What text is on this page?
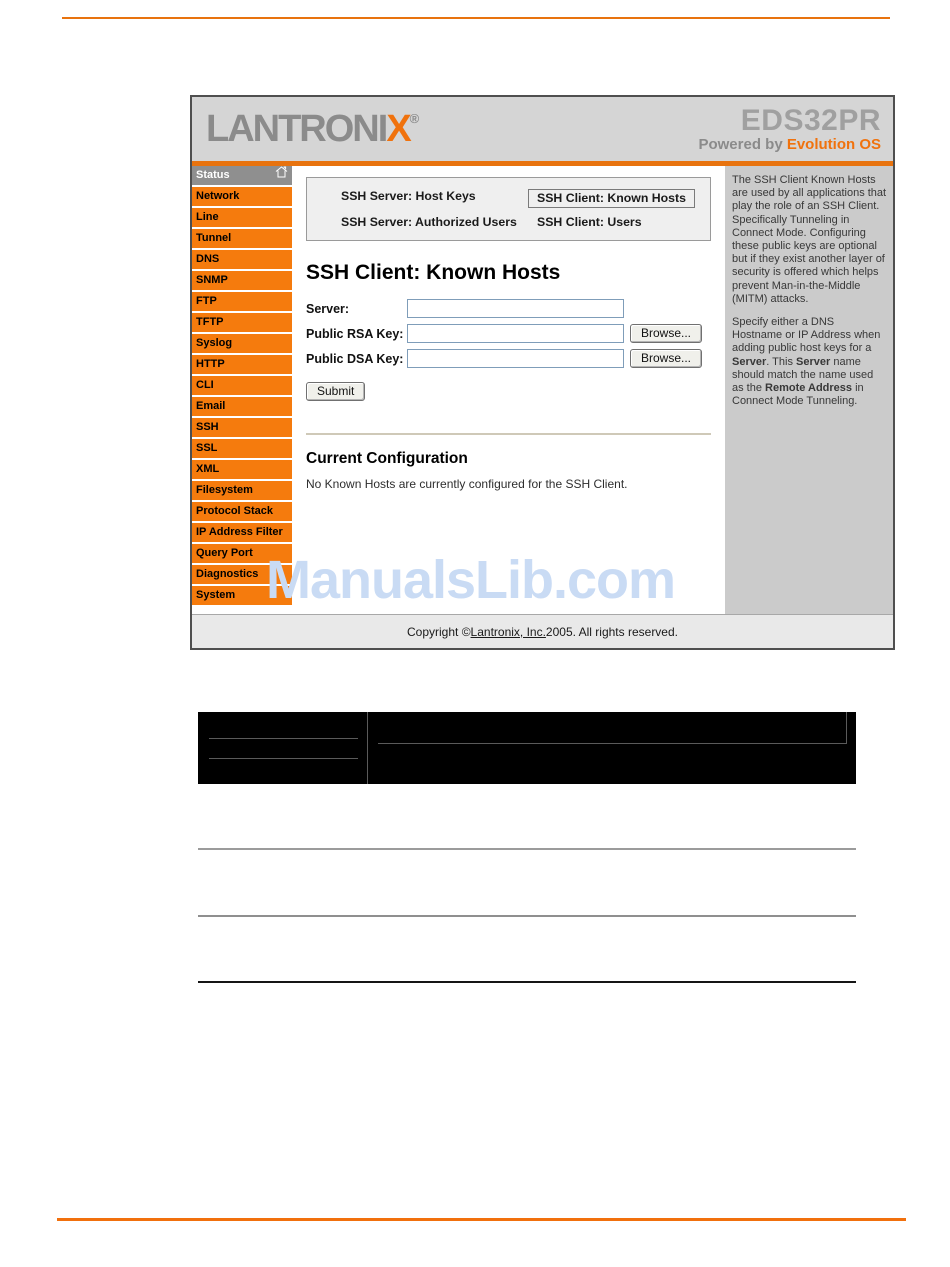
LANTRONIX®	EDS32PR
Powered by Evolution OS
Status
Network
Line
Tunnel
DNS
SNMP
FTP
TFTP
Syslog
HTTP
CLI
Email
SSH
SSL
XML
Filesystem
Protocol Stack
IP Address Filter
Query Port
Diagnostics
System
SSH Server: Host Keys	SSH Client: Known Hosts
SSH Server: Authorized Users	SSH Client: Users
SSH Client: Known Hosts
Server:
Public RSA Key:	Browse...
Public DSA Key:	Browse...
Submit
Current Configuration
No Known Hosts are currently configured for the SSH Client.

The SSH Client Known Hosts are used by all applications that play the role of an SSH Client. Specifically Tunneling in Connect Mode. Configuring these public keys are optional but if they exist another layer of security is offered which helps prevent Man-in-the-Middle (MITM) attacks.

Specify either a DNS Hostname or IP Address when adding public host keys for a Server. This Server name should match the name used as the Remote Address in Connect Mode Tunneling.

Copyright © Lantronix, Inc. 2005. All rights reserved.
ManualsLib.com
